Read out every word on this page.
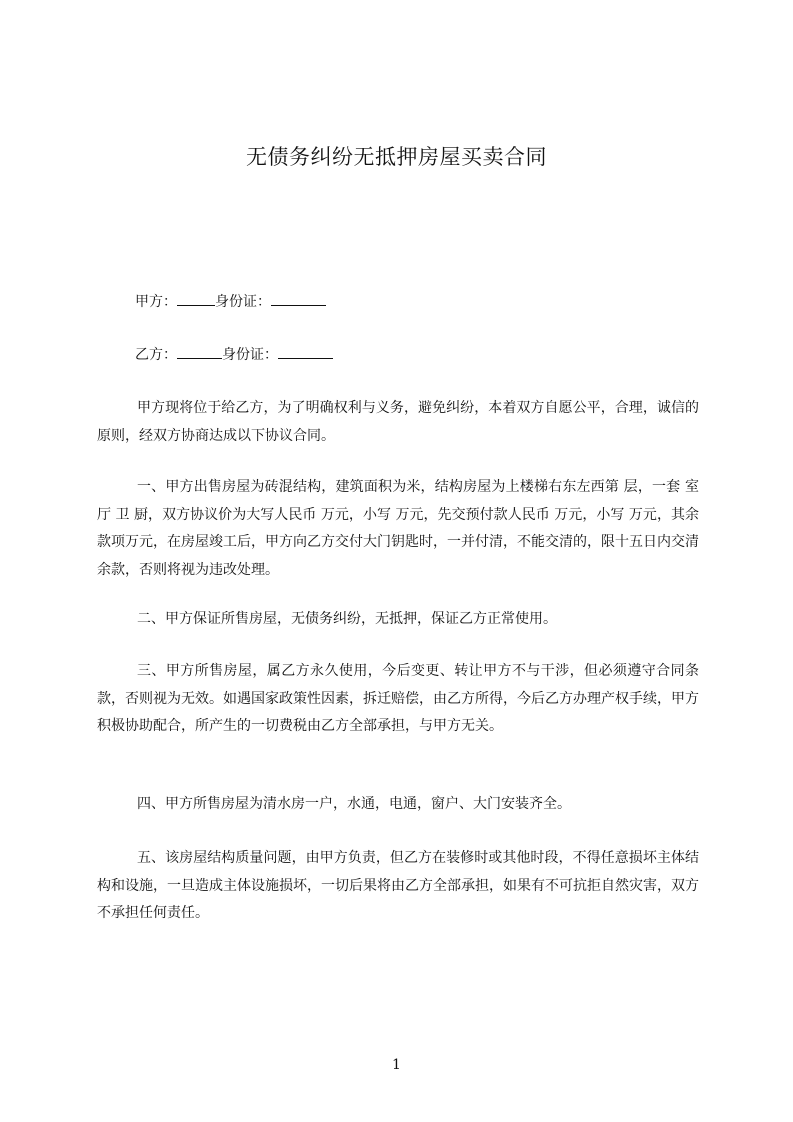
无债务纠纷无抵押房屋买卖合同
甲方：	身份证：
乙方：	身份证：

甲方现将位于给乙方，为了明确权利与义务，避免纠纷，本着双方自愿公平，合理，诚信的原则，经双方协商达成以下协议合同。

一、甲方出售房屋为砖混结构，建筑面积为米，结构房屋为上楼梯右东左西第 层，一套 室 厅 卫 厨，双方协议价为大写人民币 万元，小写 万元，先交预付款人民币 万元，小写 万元，其余款项万元，在房屋竣工后，甲方向乙方交付大门钥匙时，一并付清，不能交清的，限十五日内交清余款，否则将视为违改处理。

二、甲方保证所售房屋，无债务纠纷，无抵押，保证乙方正常使用。

三、甲方所售房屋，属乙方永久使用，今后变更、转让甲方不与干涉，但必须遵守合同条款，否则视为无效。如遇国家政策性因素，拆迁赔偿，由乙方所得，今后乙方办理产权手续，甲方积极协助配合，所产生的一切费税由乙方全部承担，与甲方无关。

四、甲方所售房屋为清水房一户，水通，电通，窗户、大门安装齐全。

五、该房屋结构质量问题，由甲方负责，但乙方在装修时或其他时段，不得任意损坏主体结构和设施，一旦造成主体设施损坏，一切后果将由乙方全部承担，如果有不可抗拒自然灾害，双方不承担任何责任。

1
